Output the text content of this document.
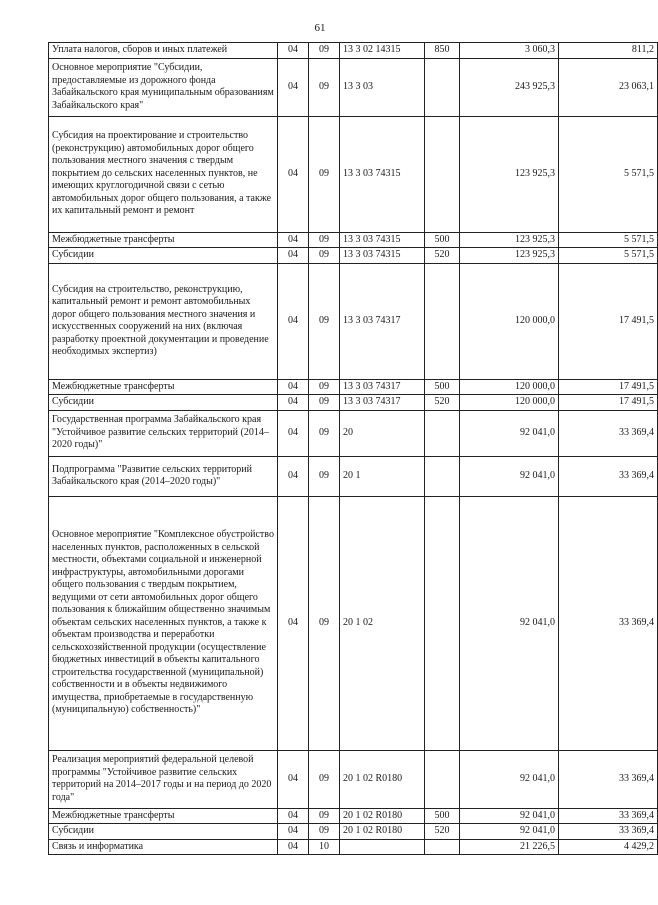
61
Уплата налогов, сборов и иных платежей	04	09	13 3 02 14315	850	3 060,3	811,2
Основное мероприятие "Субсидии, предоставляемые из дорожного фонда Забайкальского края муниципальным образованиям Забайкальского края"	04	09	13 3 03		243 925,3	23 063,1
Субсидия на проектирование и строительство (реконструкцию) автомобильных дорог общего пользования местного значения с твердым покрытием до сельских населенных пунктов, не имеющих круглогодичной связи с сетью автомобильных дорог общего пользования, а также их капитальный ремонт и ремонт	04	09	13 3 03 74315		123 925,3	5 571,5
Межбюджетные трансферты	04	09	13 3 03 74315	500	123 925,3	5 571,5
Субсидии	04	09	13 3 03 74315	520	123 925,3	5 571,5
Субсидия на строительство, реконструкцию, капитальный ремонт и ремонт автомобильных дорог общего пользования местного значения и искусственных сооружений на них (включая разработку проектной документации и проведение необходимых экспертиз)	04	09	13 3 03 74317		120 000,0	17 491,5
Межбюджетные трансферты	04	09	13 3 03 74317	500	120 000,0	17 491,5
Субсидии	04	09	13 3 03 74317	520	120 000,0	17 491,5
Государственная программа Забайкальского края "Устойчивое развитие сельских территорий (2014–2020 годы)"	04	09	20		92 041,0	33 369,4
Подпрограмма "Развитие сельских территорий Забайкальского края (2014–2020 годы)"	04	09	20 1		92 041,0	33 369,4
Основное мероприятие "Комплексное обустройство населенных пунктов, расположенных в сельской местности, объектами социальной и инженерной инфраструктуры, автомобильными дорогами общего пользования с твердым покрытием, ведущими от сети автомобильных дорог общего пользования к ближайшим общественно значимым объектам сельских населенных пунктов, а также к объектам производства и переработки сельскохозяйственной продукции (осуществление бюджетных инвестиций в объекты капитального строительства государственной (муниципальной) собственности и в объекты недвижимого имущества, приобретаемые в государственную (муниципальную) собственность)"	04	09	20 1 02		92 041,0	33 369,4
Реализация мероприятий федеральной целевой программы "Устойчивое развитие сельских территорий на 2014–2017 годы и на период до 2020 года"	04	09	20 1 02 R0180		92 041,0	33 369,4
Межбюджетные трансферты	04	09	20 1 02 R0180	500	92 041,0	33 369,4
Субсидии	04	09	20 1 02 R0180	520	92 041,0	33 369,4
Связь и информатика	04	10			21 226,5	4 429,2
